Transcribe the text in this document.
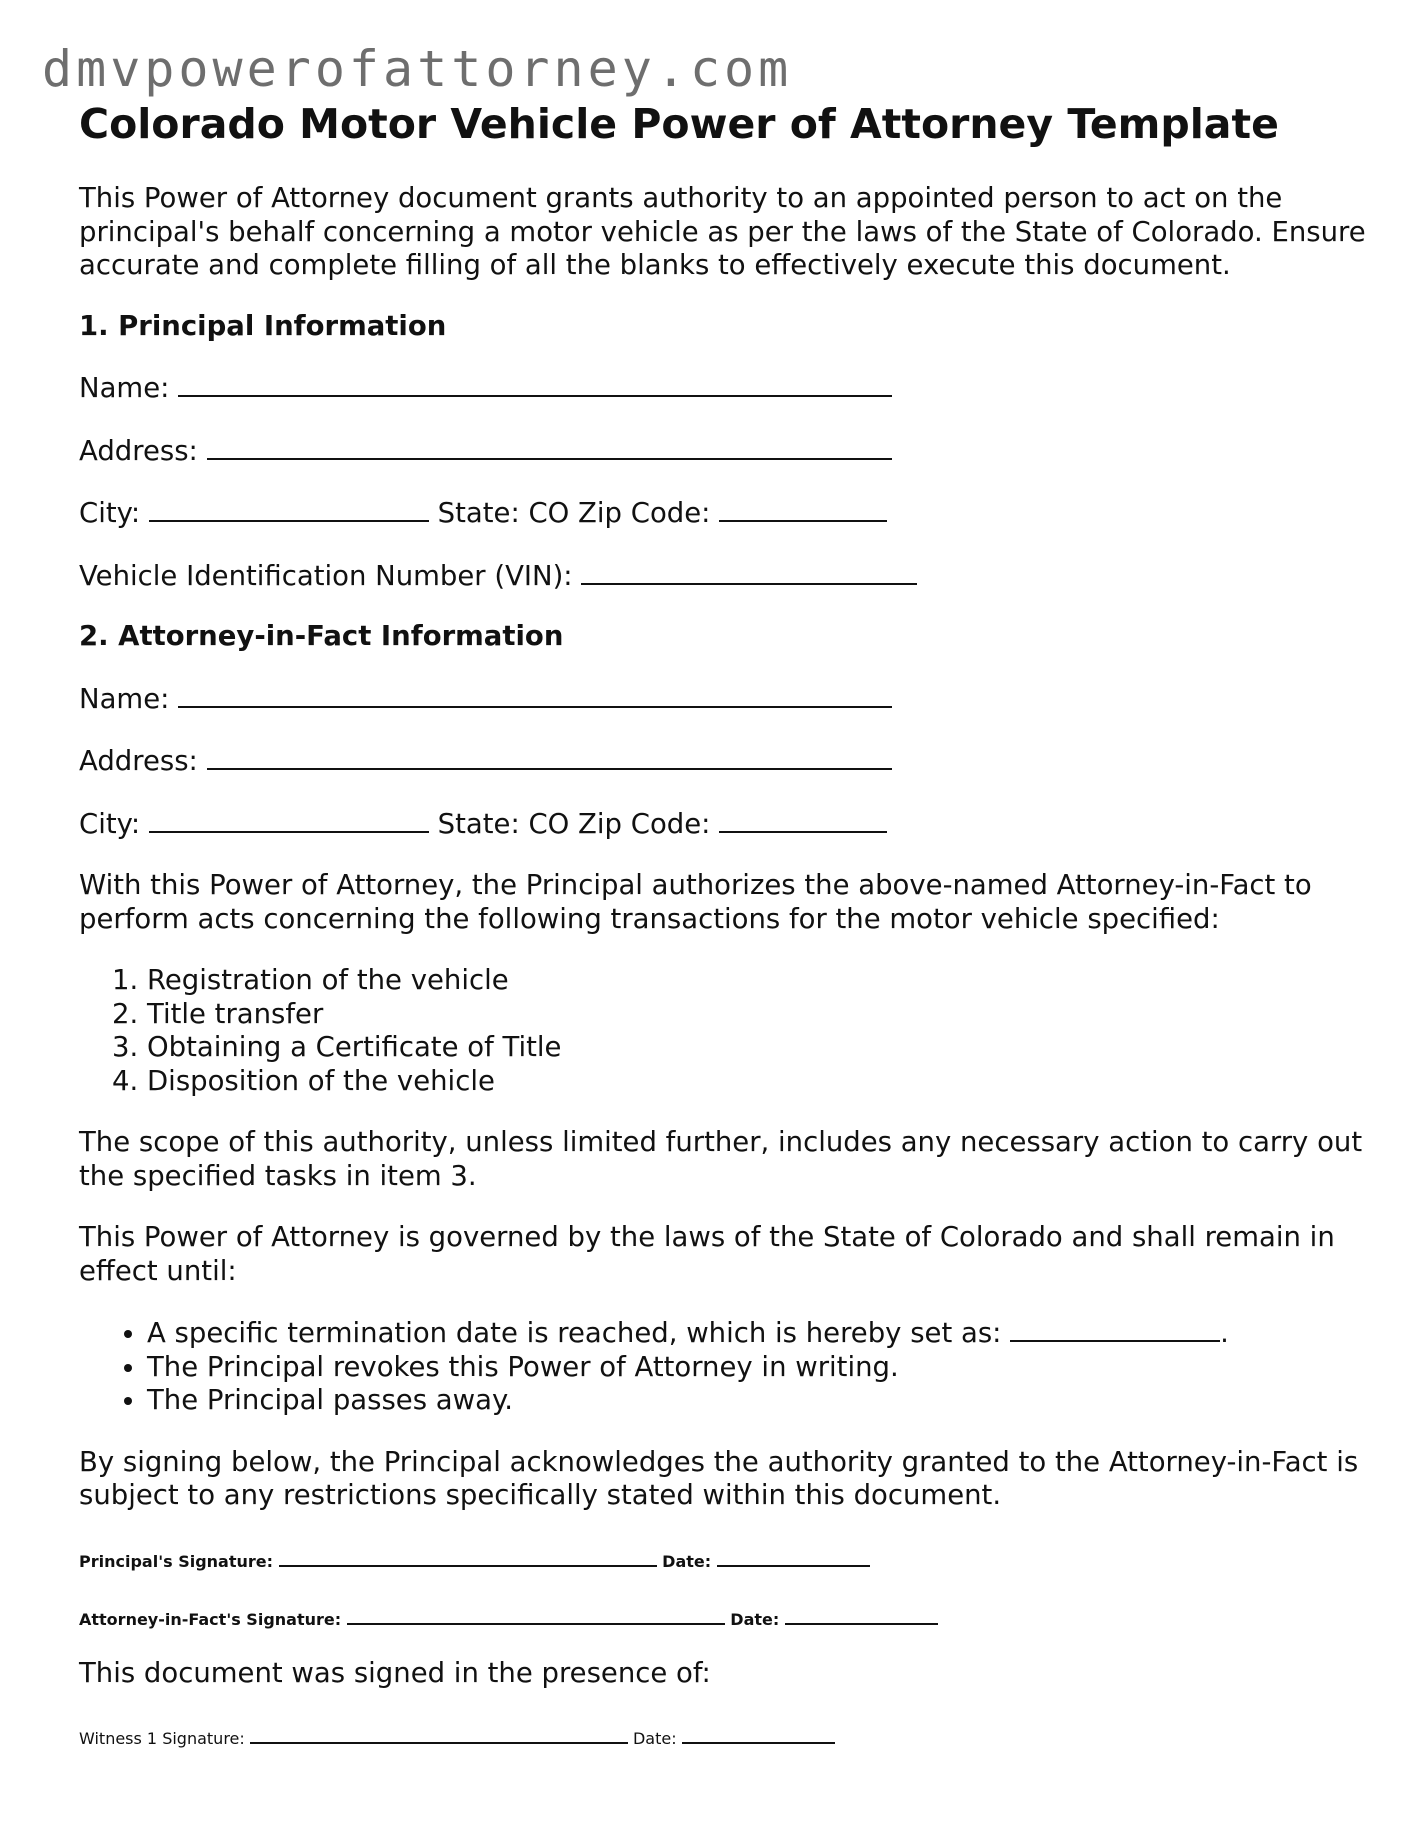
dmvpowerofattorney.com
Colorado Motor Vehicle Power of Attorney Template

This Power of Attorney document grants authority to an appointed person to act on the principal's behalf concerning a motor vehicle as per the laws of the State of Colorado. Ensure accurate and complete filling of all the blanks to effectively execute this document.

1. Principal Information
Name:
Address:
City:	State: CO Zip Code:
Vehicle Identification Number (VIN):
2. Attorney-in-Fact Information
Name:
Address:
City:	State: CO Zip Code:

With this Power of Attorney, the Principal authorizes the above-named Attorney-in-Fact to perform acts concerning the following transactions for the motor vehicle specified:

1. Registration of the vehicle
2. Title transfer
3. Obtaining a Certificate of Title
4. Disposition of the vehicle

The scope of this authority, unless limited further, includes any necessary action to carry out the specified tasks in item 3.

This Power of Attorney is governed by the laws of the State of Colorado and shall remain in effect until:

• A specific termination date is reached, which is hereby set as:	.
• The Principal revokes this Power of Attorney in writing.
• The Principal passes away.

By signing below, the Principal acknowledges the authority granted to the Attorney-in-Fact is subject to any restrictions specifically stated within this document.

Principal's Signature:	Date:
Attorney-in-Fact's Signature:	Date:

This document was signed in the presence of:

Witness 1 Signature:	Date:
